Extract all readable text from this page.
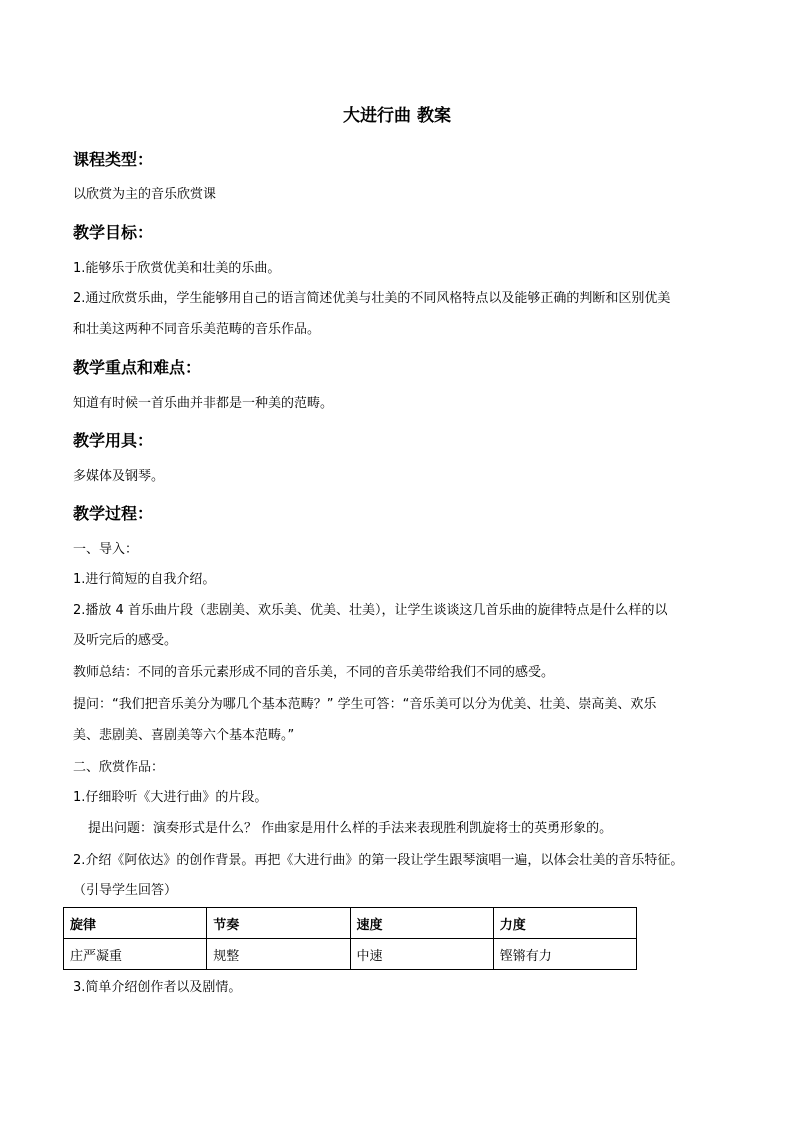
大进行曲 教案
课程类型：
以欣赏为主的音乐欣赏课
教学目标：
1.能够乐于欣赏优美和壮美的乐曲。
2.通过欣赏乐曲，学生能够用自己的语言简述优美与壮美的不同风格特点以及能够正确的判断和区别优美
和壮美这两种不同音乐美范畴的音乐作品。
教学重点和难点：
知道有时候一首乐曲并非都是一种美的范畴。
教学用具：
多媒体及钢琴。
教学过程：
一、导入：
1.进行简短的自我介绍。
2.播放 4 首乐曲片段（悲剧美、欢乐美、优美、壮美），让学生谈谈这几首乐曲的旋律特点是什么样的以
及听完后的感受。
教师总结：不同的音乐元素形成不同的音乐美，不同的音乐美带给我们不同的感受。
提问：“我们把音乐美分为哪几个基本范畴？” 学生可答：“音乐美可以分为优美、壮美、崇高美、欢乐
美、悲剧美、喜剧美等六个基本范畴。”
二、欣赏作品：
1.仔细聆听《大进行曲》的片段。
提出问题：演奏形式是什么？ 作曲家是用什么样的手法来表现胜利凯旋将士的英勇形象的。
2.介绍《阿依达》的创作背景。再把《大进行曲》的第一段让学生跟琴演唱一遍，以体会壮美的音乐特征。
（引导学生回答）
旋律	节奏	速度	力度
庄严凝重	规整	中速	铿锵有力
3.简单介绍创作者以及剧情。
